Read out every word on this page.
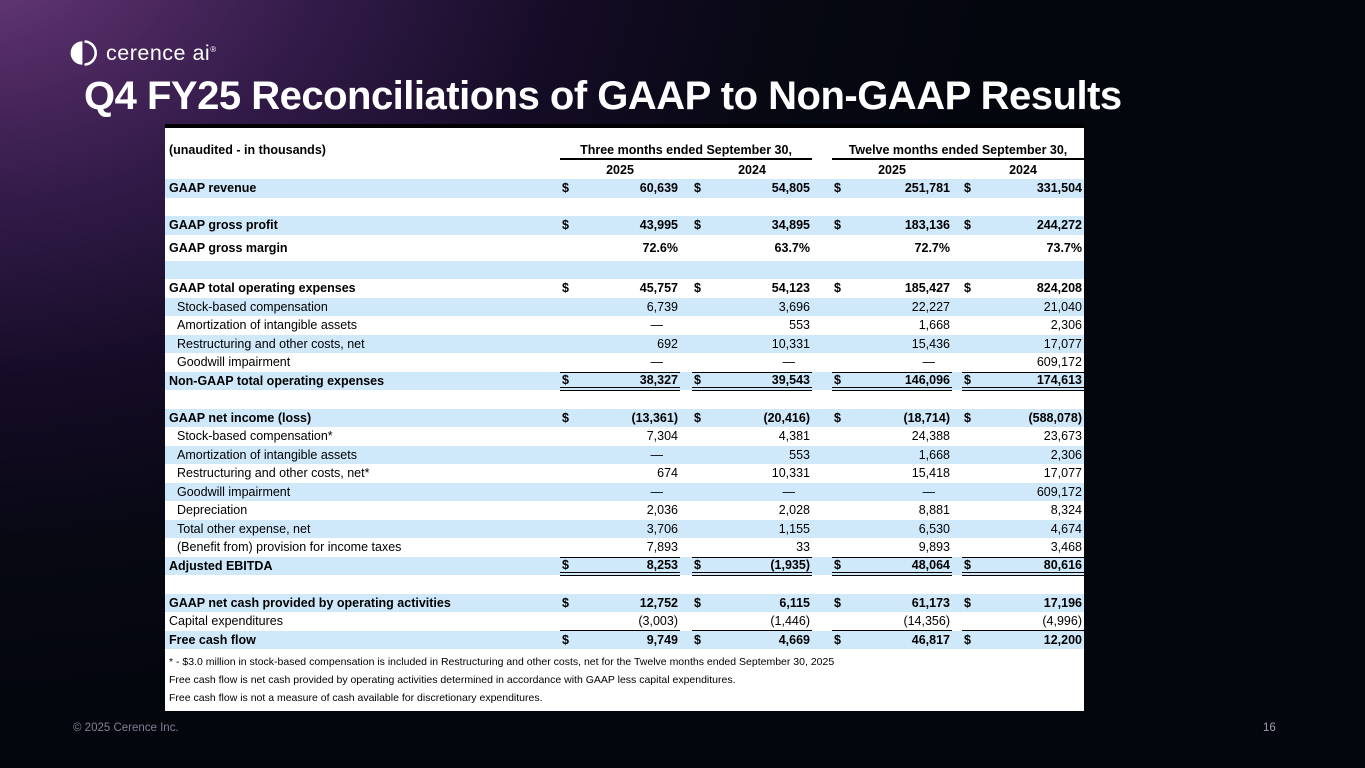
cerence ai®
Q4 FY25 Reconciliations of GAAP to Non-GAAP Results
(unaudited - in thousands)	Three months ended September 30,	Twelve months ended September 30,
2025	2024	2025	2024
GAAP revenue	$	60,639 $	54,805 $	251,781 $	331,504
GAAP gross profit	$	43,995 $	34,895 $	183,136 $	244,272
GAAP gross margin	72.6%	63.7%	72.7%	73.7%
GAAP total operating expenses	$	45,757 $	54,123 $	185,427 $	824,208
Stock-based compensation	6,739	3,696	22,227	21,040
Amortization of intangible assets	—	553	1,668	2,306
Restructuring and other costs, net	692	10,331	15,436	17,077
Goodwill impairment	—	—	—	609,172
Non-GAAP total operating expenses	$	38,327 $	39,543 $	146,096 $	174,613
GAAP net income (loss)	$	(13,361) $	(20,416) $	(18,714) $	(588,078)
Stock-based compensation*	7,304	4,381	24,388	23,673
Amortization of intangible assets	—	553	1,668	2,306
Restructuring and other costs, net*	674	10,331	15,418	17,077
Goodwill impairment	—	—	—	609,172
Depreciation	2,036	2,028	8,881	8,324
Total other expense, net	3,706	1,155	6,530	4,674
(Benefit from) provision for income taxes	7,893	33	9,893	3,468
Adjusted EBITDA	$	8,253 $	(1,935) $	48,064 $	80,616
GAAP net cash provided by operating activities	$	12,752 $	6,115 $	61,173 $	17,196
Capital expenditures	(3,003)	(1,446)	(14,356)	(4,996)
Free cash flow	$	9,749 $	4,669 $	46,817 $	12,200
* - $3.0 million in stock-based compensation is included in Restructuring and other costs, net for the Twelve months ended September 30, 2025
Free cash flow is net cash provided by operating activities determined in accordance with GAAP less capital expenditures.
Free cash flow is not a measure of cash available for discretionary expenditures.
© 2025 Cerence Inc.	16
